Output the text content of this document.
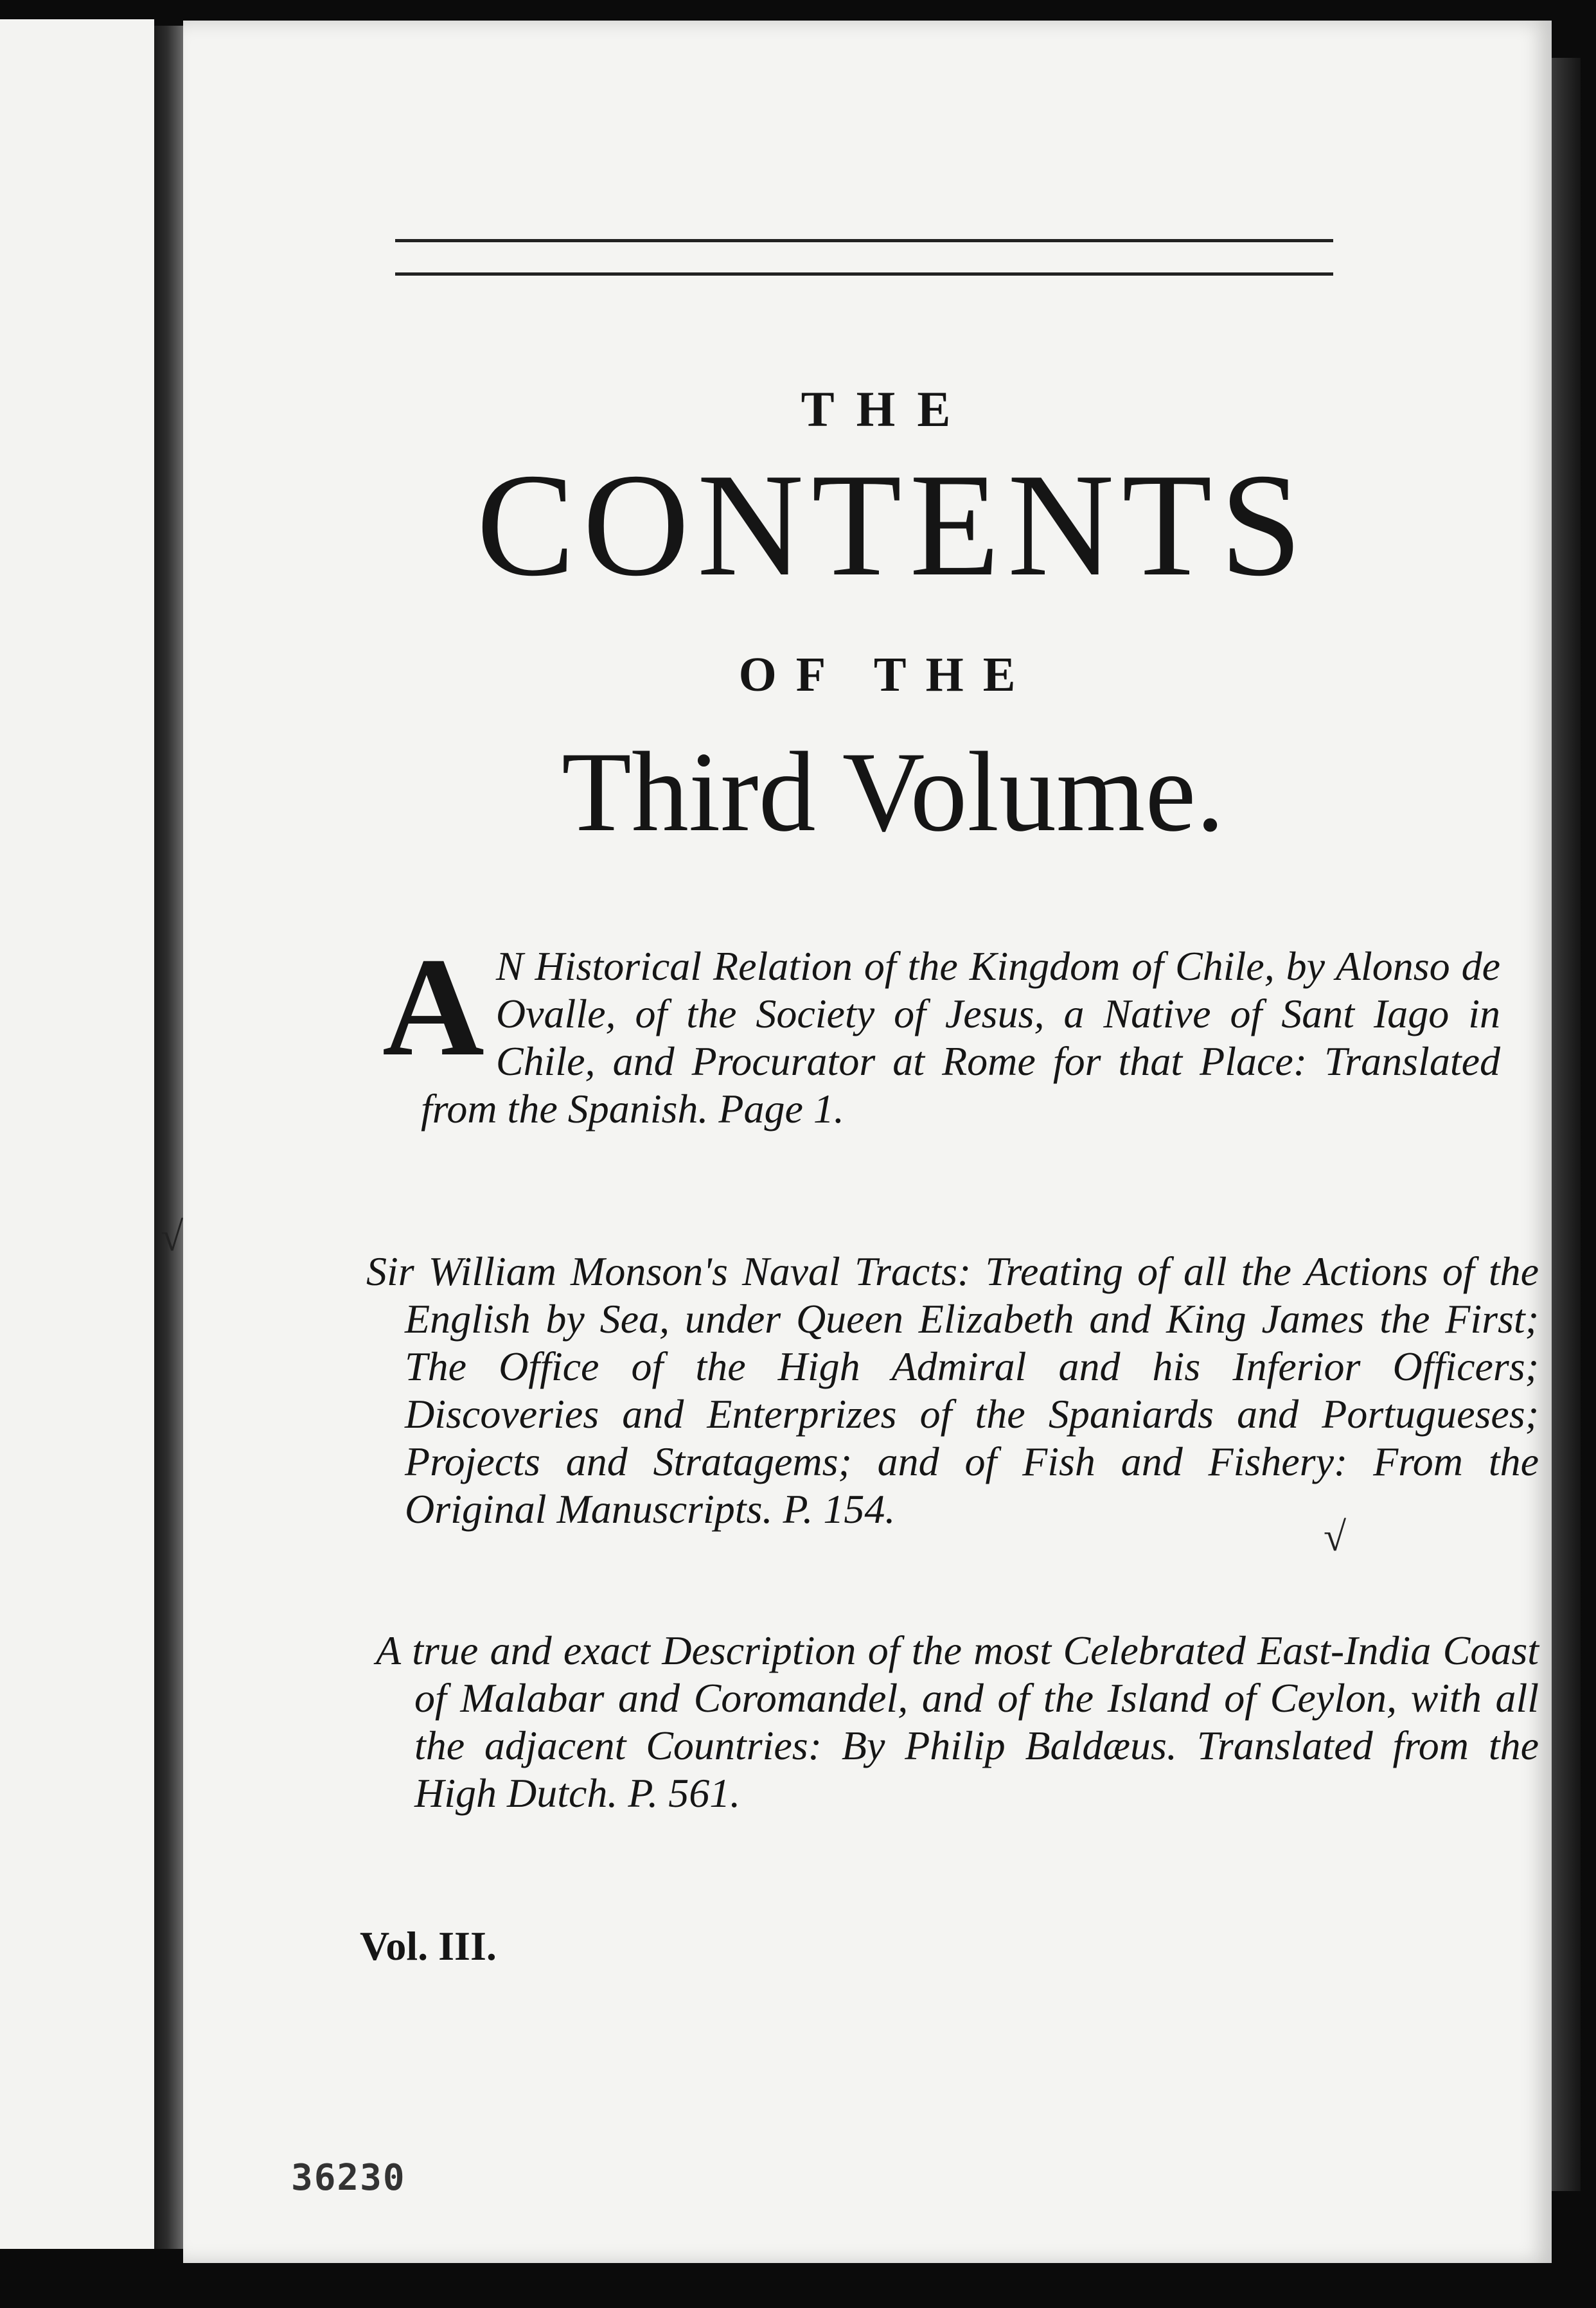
THE
CONTENTS
OF THE
Third Volume.
A N Historical Relation of the Kingdom of Chile, by Alonso de Ovalle, of the Society of Jesus, a Native of Sant Iago in Chile, and Procurator at Rome for that Place: Translated from the Spanish. Page 1.
Sir William Monson's Naval Tracts: Treating of all the Actions of the English by Sea, under Queen Elizabeth and King James the First; The Office of the High Admiral and his Inferior Officers; Discoveries and Enterprizes of the Spaniards and Portugueses; Projects and Stratagems; and of Fish and Fishery: From the Original Manuscripts. P. 154.
A true and exact Description of the most Celebrated East-India Coast of Malabar and Coromandel, and of the Island of Ceylon, with all the adjacent Countries: By Philip Baldæus. Translated from the High Dutch. P. 561.
Vol. III.
36230
√
√
